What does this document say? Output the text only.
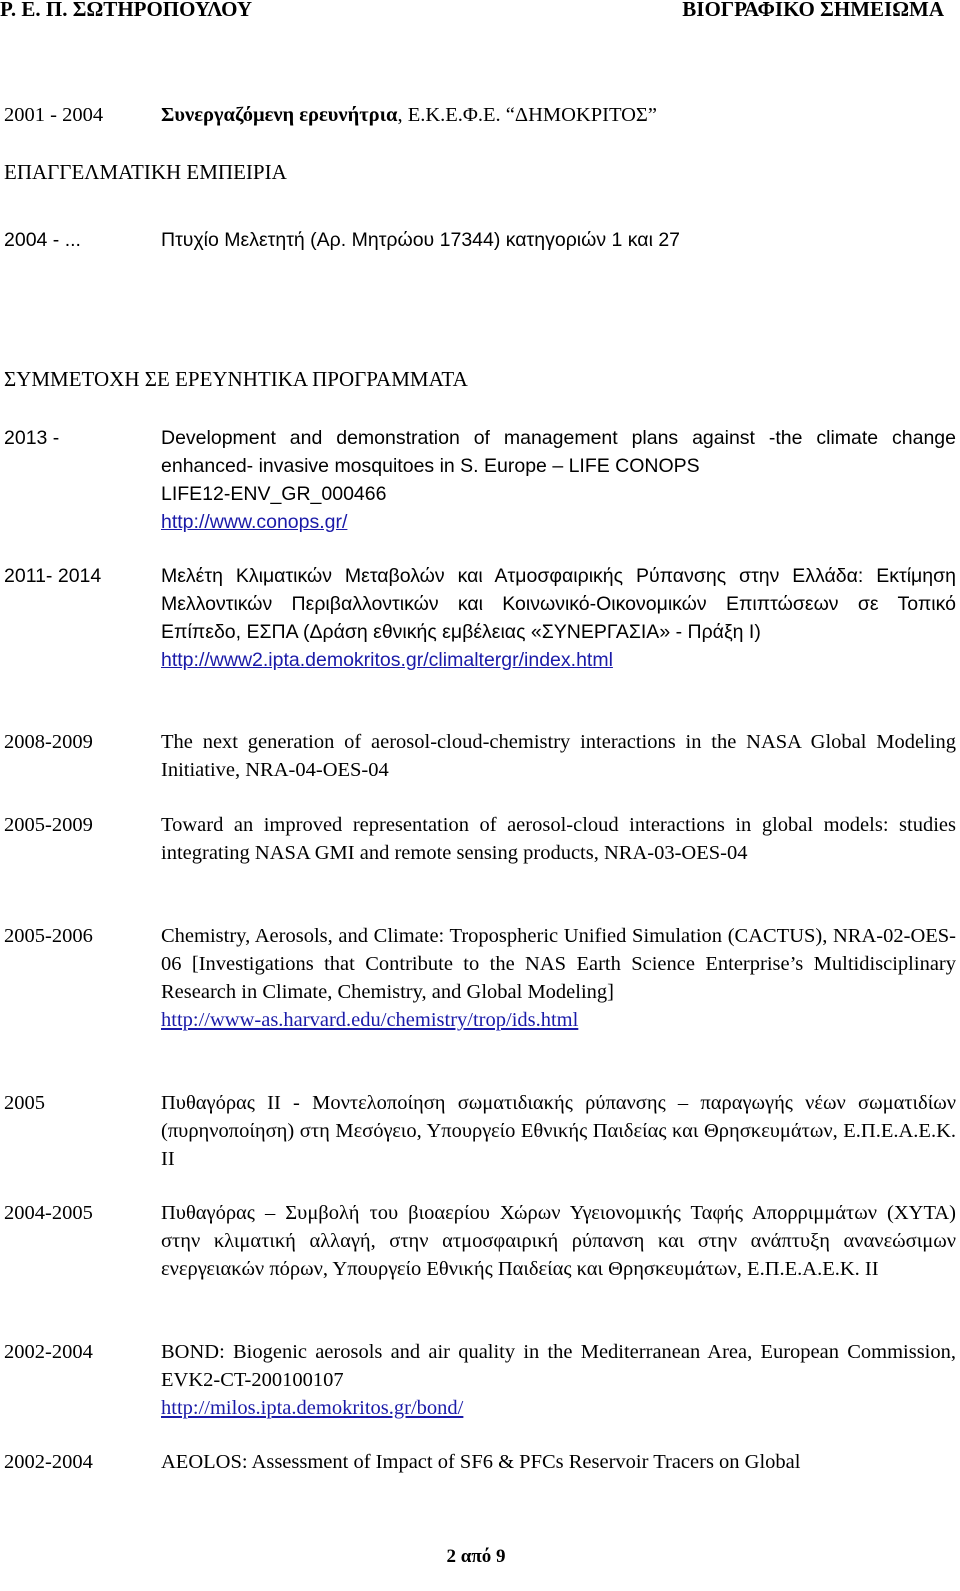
Ρ. Ε. Π. ΣΩΤΗΡΟΠΟΥΛΟΥ	ΒΙΟΓΡΑΦΙΚΟ ΣΗΜΕΙΩΜΑ
2001 - 2004	Συνεργαζόμενη ερευνήτρια, Ε.Κ.Ε.Φ.Ε. “ΔΗΜΟΚΡΙΤΟΣ”
ΕΠΑΓΓΕΛΜΑΤΙΚΗ ΕΜΠΕΙΡΙΑ
2004 - ...	Πτυχίο Μελετητή (Αρ. Μητρώου 17344) κατηγοριών 1 και 27
ΣΥΜΜΕΤΟΧΗ ΣΕ ΕΡΕΥΝΗΤΙΚΑ ΠΡΟΓΡΑΜΜΑΤΑ
2013 -	Development and demonstration of management plans against -the climate change enhanced- invasive mosquitoes in S. Europe – LIFE CONOPS
LIFE12-ENV_GR_000466
http://www.conops.gr/
2011- 2014	Μελέτη Κλιματικών Μεταβολών και Ατμοσφαιρικής Ρύπανσης στην Ελλάδα: Εκτίμηση Μελλοντικών Περιβαλλοντικών και Κοινωνικό-Οικονομικών Επιπτώσεων σε Τοπικό Επίπεδο, ΕΣΠΑ (Δράση εθνικής εμβέλειας «ΣΥΝΕΡΓΑΣΙΑ» - Πράξη Ι)
http://www2.ipta.demokritos.gr/climaltergr/index.html
2008-2009	The next generation of aerosol-cloud-chemistry interactions in the NASA Global Modeling Initiative, NRA-04-OES-04
2005-2009	Toward an improved representation of aerosol-cloud interactions in global models: studies integrating NASA GMI and remote sensing products, NRA-03-OES-04
2005-2006	Chemistry, Aerosols, and Climate: Tropospheric Unified Simulation (CACTUS), NRA-02-OES-06 [Investigations that Contribute to the NAS Earth Science Enterprise’s Multidisciplinary Research in Climate, Chemistry, and Global Modeling]
http://www-as.harvard.edu/chemistry/trop/ids.html
2005	Πυθαγόρας ΙΙ - Μοντελοποίηση σωματιδιακής ρύπανσης – παραγωγής νέων σωματιδίων (πυρηνοποίηση) στη Μεσόγειο, Υπουργείο Εθνικής Παιδείας και Θρησκευμάτων, Ε.Π.Ε.Α.Ε.Κ. ΙΙ
2004-2005	Πυθαγόρας – Συμβολή του βιοαερίου Χώρων Υγειονομικής Ταφής Απορριμμάτων (ΧΥΤΑ) στην κλιματική αλλαγή, στην ατμοσφαιρική ρύπανση και στην ανάπτυξη ανανεώσιμων ενεργειακών πόρων, Υπουργείο Εθνικής Παιδείας και Θρησκευμάτων, Ε.Π.Ε.Α.Ε.Κ. ΙΙ
2002-2004	BOND: Biogenic aerosols and air quality in the Mediterranean Area, European Commission, EVK2-CT-200100107
http://milos.ipta.demokritos.gr/bond/
2002-2004	AEOLOS: Assessment of Impact of SF6 & PFCs Reservoir Tracers on Global
2 από 9
